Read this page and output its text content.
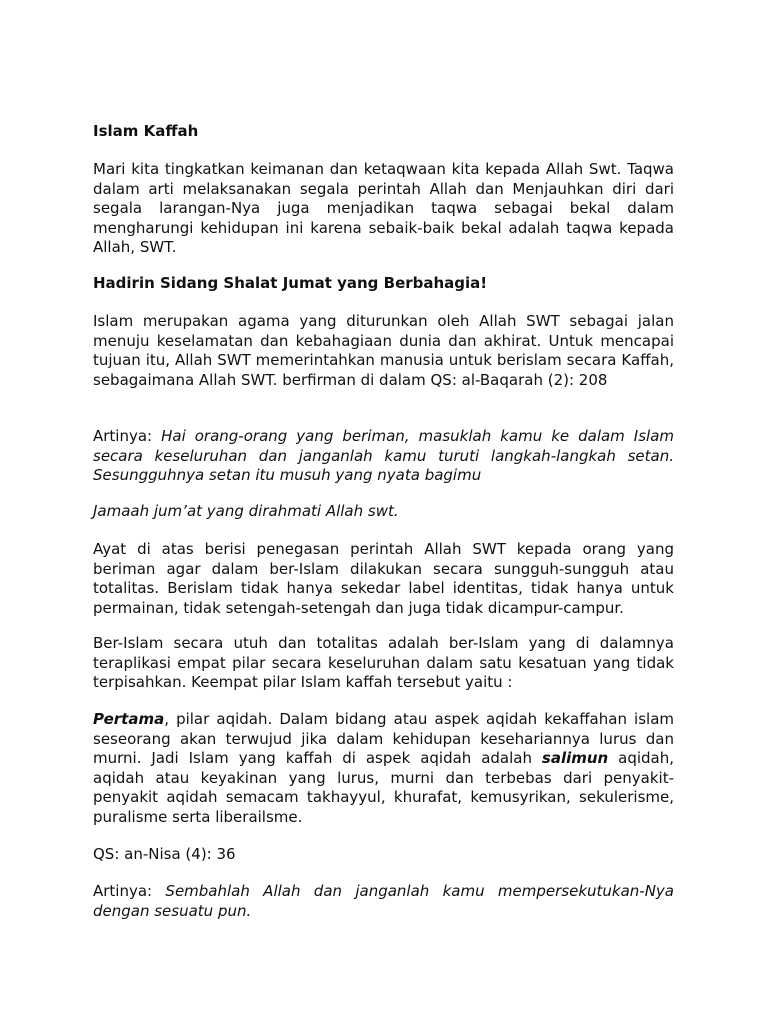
Islam Kaffah

Mari kita tingkatkan keimanan dan ketaqwaan kita kepada Allah Swt. Taqwa dalam arti melaksanakan segala perintah Allah dan Menjauhkan diri dari segala larangan-Nya juga menjadikan taqwa sebagai bekal dalam mengharungi kehidupan ini karena sebaik-baik bekal adalah taqwa kepada Allah, SWT.

Hadirin Sidang Shalat Jumat yang Berbahagia!

Islam merupakan agama yang diturunkan oleh Allah SWT sebagai jalan menuju keselamatan dan kebahagiaan dunia dan akhirat. Untuk mencapai tujuan itu, Allah SWT memerintahkan manusia untuk berislam secara Kaffah, sebagaimana Allah SWT. berfirman di dalam QS: al-Baqarah (2): 208

Artinya: Hai orang-orang yang beriman, masuklah kamu ke dalam Islam secara keseluruhan dan janganlah kamu turuti langkah-langkah setan. Sesungguhnya setan itu musuh yang nyata bagimu

Jamaah jum’at yang dirahmati Allah swt.

Ayat di atas berisi penegasan perintah Allah SWT kepada orang yang beriman agar dalam ber-Islam dilakukan secara sungguh-sungguh atau totalitas. Berislam tidak hanya sekedar label identitas, tidak hanya untuk permainan, tidak setengah-setengah dan juga tidak dicampur-campur.

Ber-Islam secara utuh dan totalitas adalah ber-Islam yang di dalamnya teraplikasi empat pilar secara keseluruhan dalam satu kesatuan yang tidak terpisahkan. Keempat pilar Islam kaffah tersebut yaitu :

Pertama, pilar aqidah. Dalam bidang atau aspek aqidah kekaffahan islam seseorang akan terwujud jika dalam kehidupan kesehariannya lurus dan murni. Jadi Islam yang kaffah di aspek aqidah adalah salimun aqidah, aqidah atau keyakinan yang lurus, murni dan terbebas dari penyakit-penyakit aqidah semacam takhayyul, khurafat, kemusyrikan, sekulerisme, puralisme serta liberailsme.

QS: an-Nisa (4): 36

Artinya: Sembahlah Allah dan janganlah kamu mempersekutukan-Nya dengan sesuatu pun.
